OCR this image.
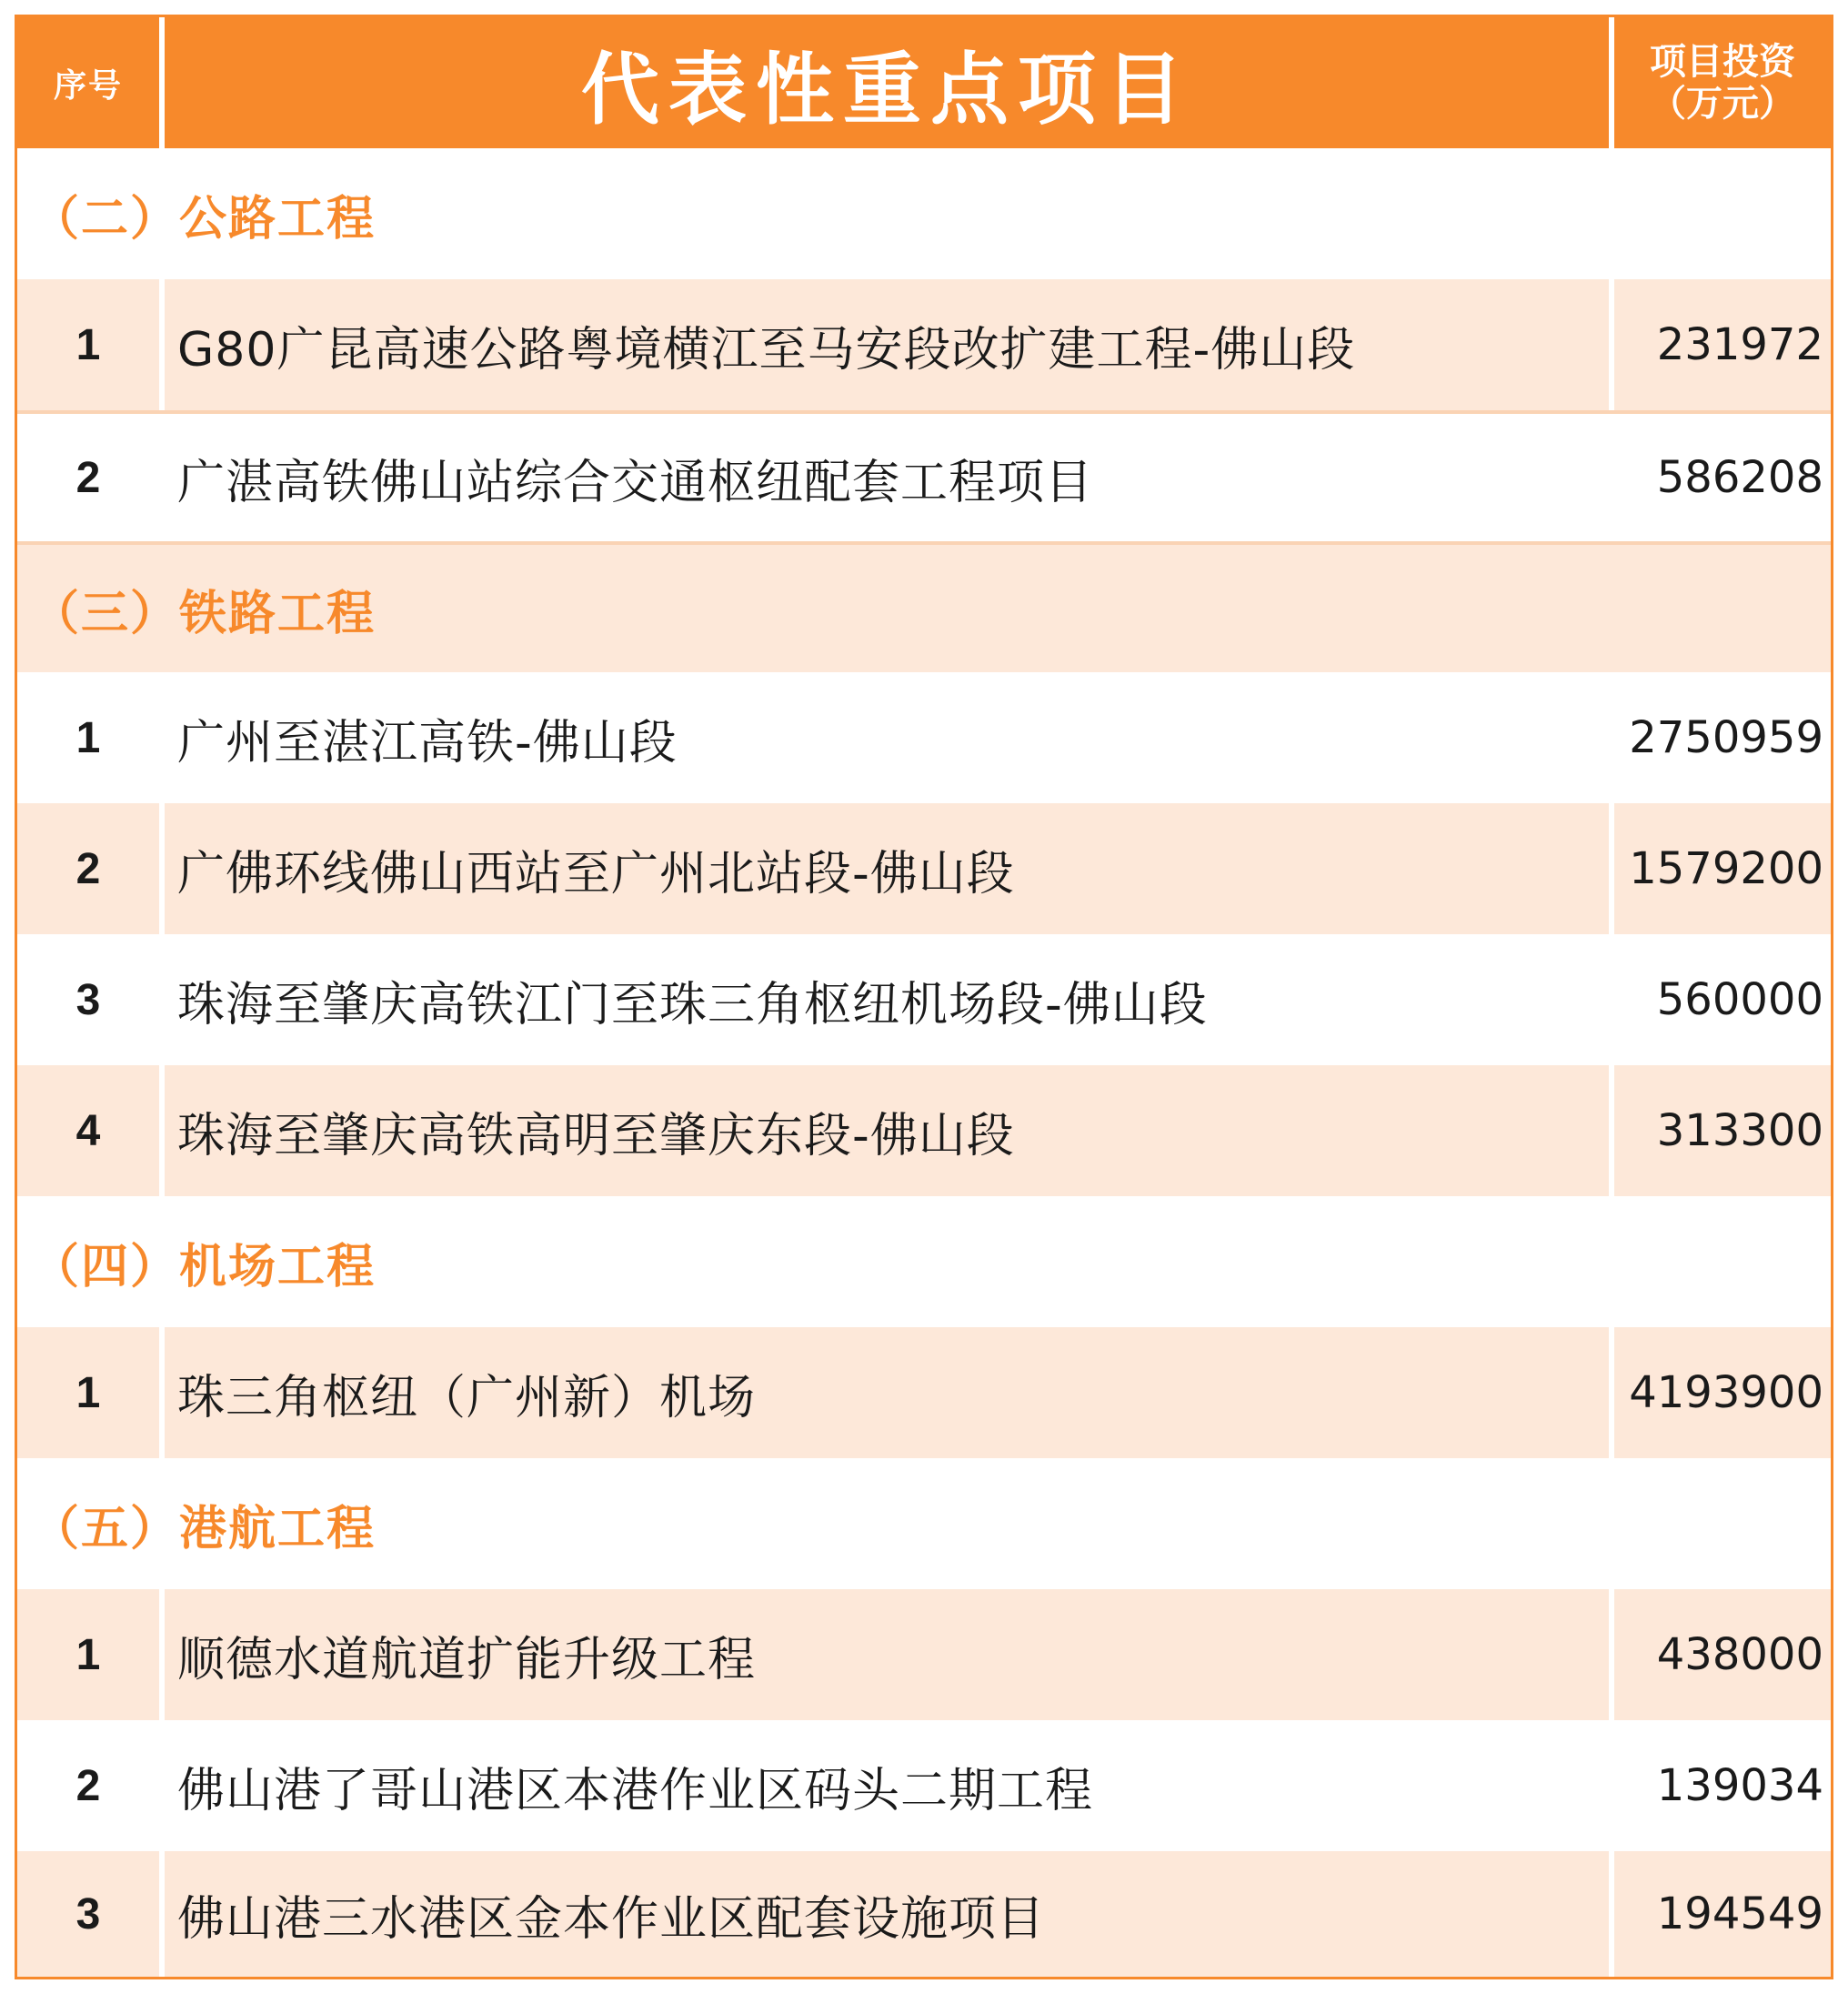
序号	代表性重点项目	项目投资
（万元）
（二）公路工程
1	G80广昆高速公路粤境横江至马安段改扩建工程-佛山段	231972
2	广湛高铁佛山站综合交通枢纽配套工程项目	586208
（三）铁路工程
1	广州至湛江高铁-佛山段	2750959
2	广佛环线佛山西站至广州北站段-佛山段	1579200
3	珠海至肇庆高铁江门至珠三角枢纽机场段-佛山段	560000
4	珠海至肇庆高铁高明至肇庆东段-佛山段	313300
（四）机场工程
1	珠三角枢纽（广州新）机场	4193900
（五）港航工程
1	顺德水道航道扩能升级工程	438000
2	佛山港了哥山港区本港作业区码头二期工程	139034
3	佛山港三水港区金本作业区配套设施项目	194549
